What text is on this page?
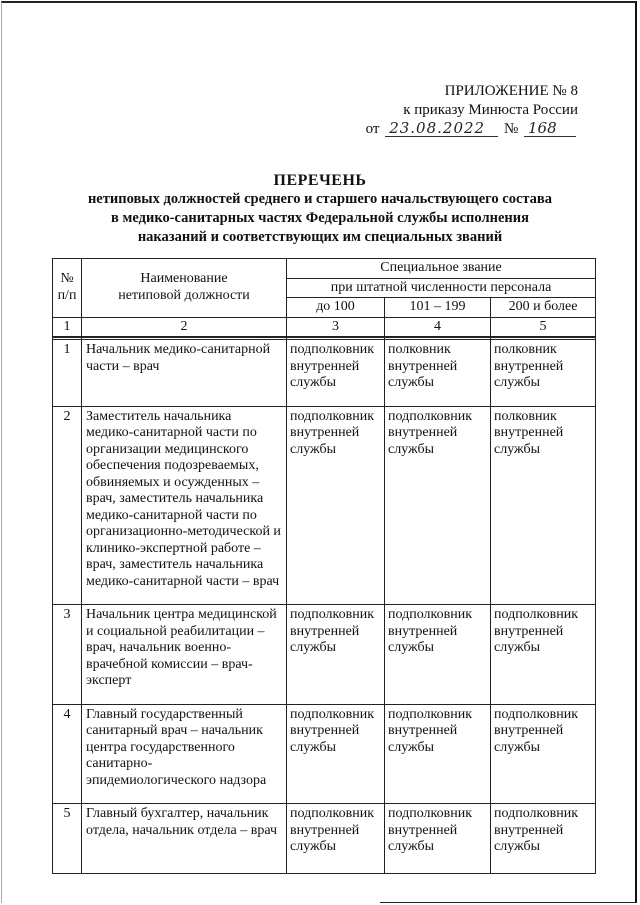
ПРИЛОЖЕНИЕ № 8
к приказу Минюста России
от 23.08.2022 № 168
ПЕРЕЧЕНЬ
нетиповых должностей среднего и старшего начальствующего состава
в медико-санитарных частях Федеральной службы исполнения
наказаний и соответствующих им специальных званий
№ п/п	Наименование нетиповой должности	Специальное звание		
		при штатной численности персонала		
		до 100	101 – 199	200 и более
1	2	3	4	5

1	Начальник медико-санитарной части – врач	подполковник внутренней службы	полковник внутренней службы	полковник внутренней службы
2	Заместитель начальника медико-санитарной части по организации медицинского обеспечения подозреваемых, обвиняемых и осужденных – врач, заместитель начальника медико-санитарной части по организационно-методической и клинико-экспертной работе – врач, заместитель начальника медико-санитарной части – врач	подполковник внутренней службы	подполковник внутренней службы	полковник внутренней службы
3	Начальник центра медицинской и социальной реабилитации – врач, начальник военно-врачебной комиссии – врач-эксперт	подполковник внутренней службы	подполковник внутренней службы	подполковник внутренней службы
4	Главный государственный санитарный врач – начальник центра государственного санитарно-эпидемиологического надзора	подполковник внутренней службы	подполковник внутренней службы	подполковник внутренней службы
5	Главный бухгалтер, начальник отдела, начальник отдела – врач	подполковник внутренней службы	подполковник внутренней службы	подполковник внутренней службы
